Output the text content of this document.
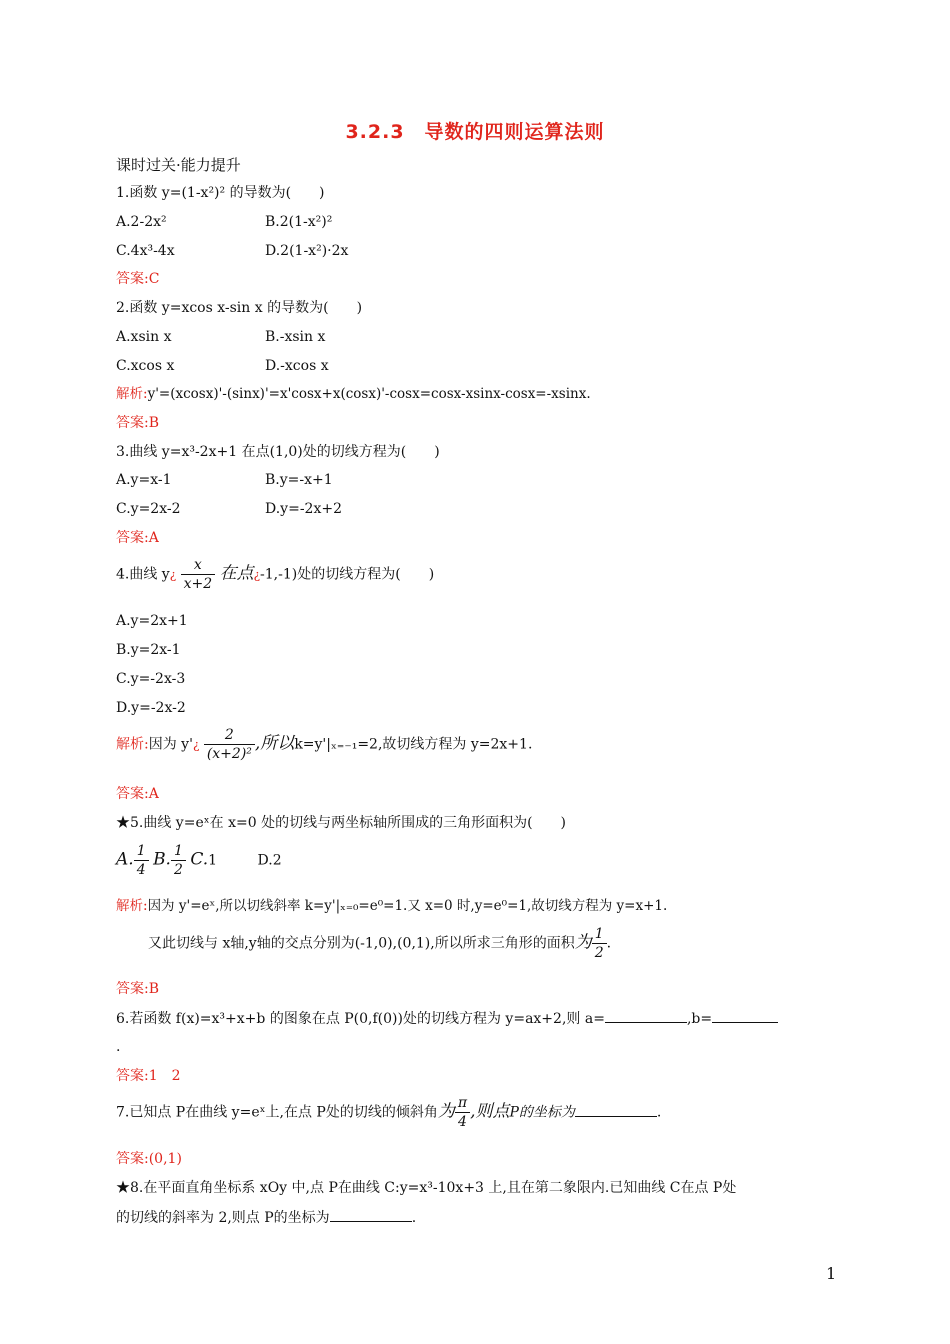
3.2.3　导数的四则运算法则
课时过关·能力提升
1.函数 y=(1-x²)² 的导数为(　　)
A.2-2x²	B.2(1-x²)²
C.4x³-4x	D.2(1-x²)·2x
答案:C
2.函数 y=xcos x-sin x 的导数为(　　)
A.xsin x	B.-xsin x
C.xcos x	D.-xcos x
解析:y'=(xcosx)'-(sinx)'=x'cosx+x(cosx)'-cosx=cosx-xsinx-cosx=-xsinx.
答案:B
3.曲线 y=x³-2x+1 在点(1,0)处的切线方程为(　　)
A.y=x-1	B.y=-x+1
C.y=2x-2	D.y=-2x+2
答案:A
4.曲线 y¿ $\frac{x}{x+2}$ 在点¿-1,-1)处的切线方程为(　　)
A.y=2x+1
B.y=2x-1
C.y=-2x-3
D.y=-2x-2
解析:因为 y'¿ $\frac{2}{\text{(x+2)²}}$ ,所以k=y'|ₓ₌₋₁=2,故切线方程为 y=2x+1.
答案:A
★5.曲线 y=eˣ在 x=0 处的切线与两坐标轴所围成的三角形面积为(　　)
A. $\frac{1}{4} B$. $\frac{1}{2} C.1$	D.2
解析:因为 y'=eˣ,所以切线斜率 k=y'|ₓ₌₀=e⁰=1.又 x=0 时,y=e⁰=1,故切线方程为 y=x+1.
又此切线与 x轴,y轴的交点分别为(-1,0),(0,1),所以所求三角形的面积为 $\frac{1}{2}$ .
答案:B
6.若函数 f(x)=x³+x+b 的图象在点 P(0,f(0))处的切线方程为 y=ax+2,则 a=	,b=
.
答案:1　2
7.已知点 P在曲线 y=eˣ上,在点 P处的切线的倾斜角为 $\frac{\pi}{4}$ ,则点P的坐标为	.
答案:(0,1)
★8.在平面直角坐标系 xOy 中,点 P在曲线 C:y=x³-10x+3 上,且在第二象限内.已知曲线 C在点 P处
的切线的斜率为 2,则点 P的坐标为	.
1
